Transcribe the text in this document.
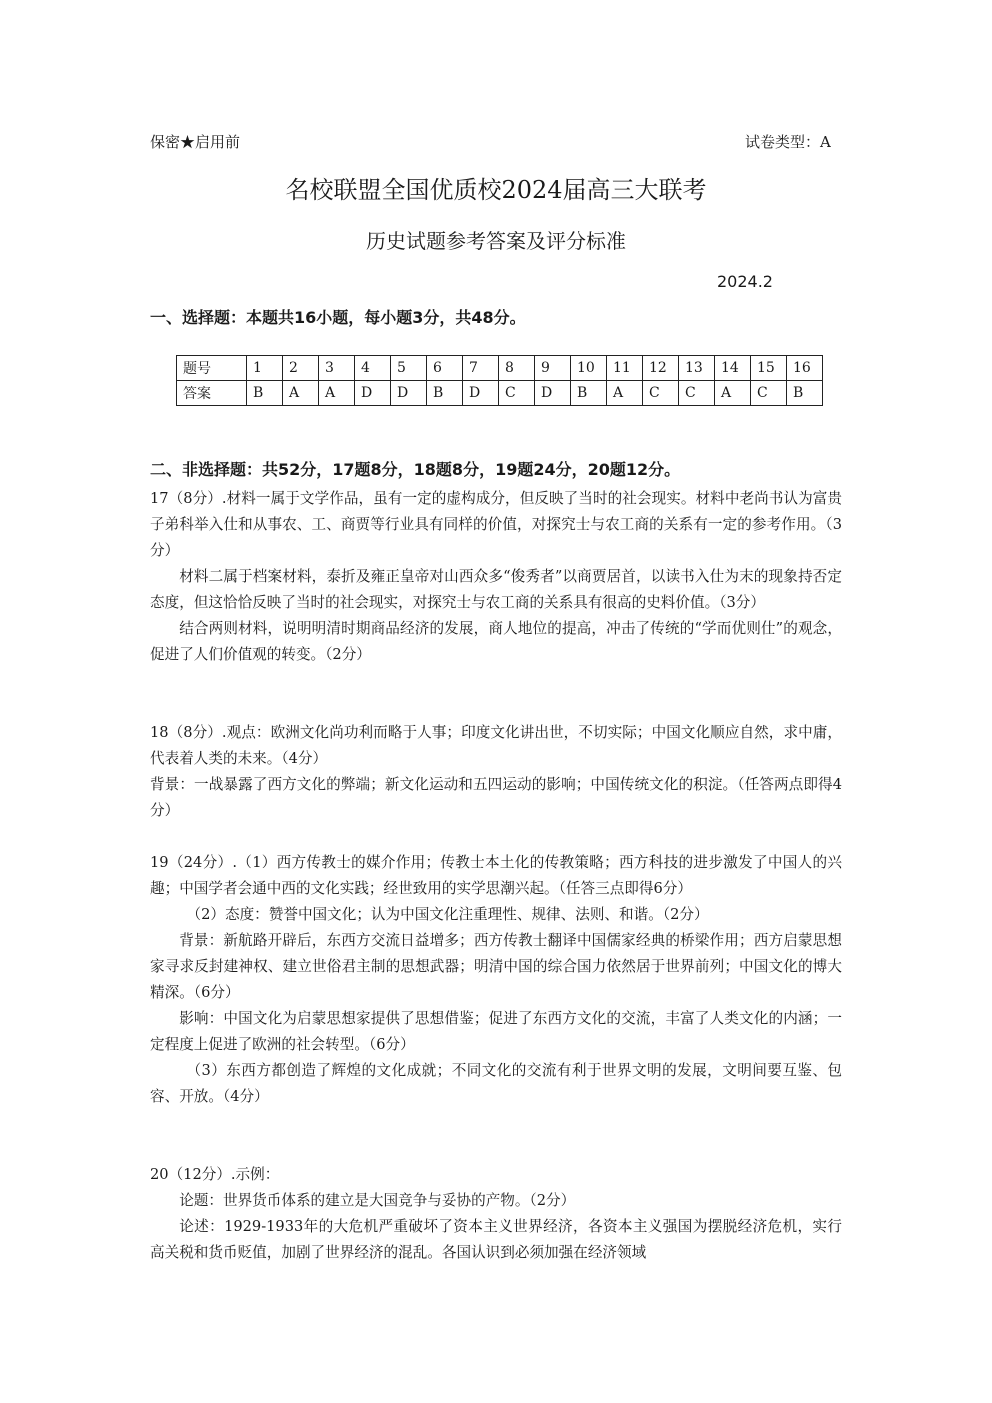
保密★启用前	试卷类型：A
名校联盟全国优质校2024届高三大联考
历史试题参考答案及评分标准
2024.2
一、选择题：本题共16小题，每小题3分，共48分。
题号	1	2	3	4	5	6	7	8	9	10	11	12	13	14	15	16
答案	B	A	A	D	D	B	D	C	D	B	A	C	C	A	C	B
二、非选择题：共52分，17题8分，18题8分，19题24分，20题12分。

17（8分）.材料一属于文学作品，虽有一定的虚构成分，但反映了当时的社会现实。材料中老尚书认为富贵子弟科举入仕和从事农、工、商贾等行业具有同样的价值，对探究士与农工商的关系有一定的参考作用。（3分）

材料二属于档案材料，泰折及雍正皇帝对山西众多“俊秀者”以商贾居首，以读书入仕为末的现象持否定态度，但这恰恰反映了当时的社会现实，对探究士与农工商的关系具有很高的史料价值。（3分）

结合两则材料，说明明清时期商品经济的发展，商人地位的提高，冲击了传统的“学而优则仕”的观念，促进了人们价值观的转变。（2分）

18（8分）.观点：欧洲文化尚功利而略于人事；印度文化讲出世，不切实际；中国文化顺应自然，求中庸，代表着人类的未来。（4分）

背景：一战暴露了西方文化的弊端；新文化运动和五四运动的影响；中国传统文化的积淀。（任答两点即得4分）

19（24分）.（1）西方传教士的媒介作用；传教士本土化的传教策略；西方科技的进步激发了中国人的兴趣；中国学者会通中西的文化实践；经世致用的实学思潮兴起。（任答三点即得6分）

（2）态度：赞誉中国文化；认为中国文化注重理性、规律、法则、和谐。（2分）

背景：新航路开辟后，东西方交流日益增多；西方传教士翻译中国儒家经典的桥梁作用；西方启蒙思想家寻求反封建神权、建立世俗君主制的思想武器；明清中国的综合国力依然居于世界前列；中国文化的博大精深。（6分）

影响：中国文化为启蒙思想家提供了思想借鉴；促进了东西方文化的交流，丰富了人类文化的内涵；一定程度上促进了欧洲的社会转型。（6分）

（3）东西方都创造了辉煌的文化成就；不同文化的交流有利于世界文明的发展，文明间要互鉴、包容、开放。（4分）

20（12分）.示例：

论题：世界货币体系的建立是大国竞争与妥协的产物。（2分）

论述：1929-1933年的大危机严重破坏了资本主义世界经济，各资本主义强国为摆脱经济危机，实行高关税和货币贬值，加剧了世界经济的混乱。各国认识到必须加强在经济领域
